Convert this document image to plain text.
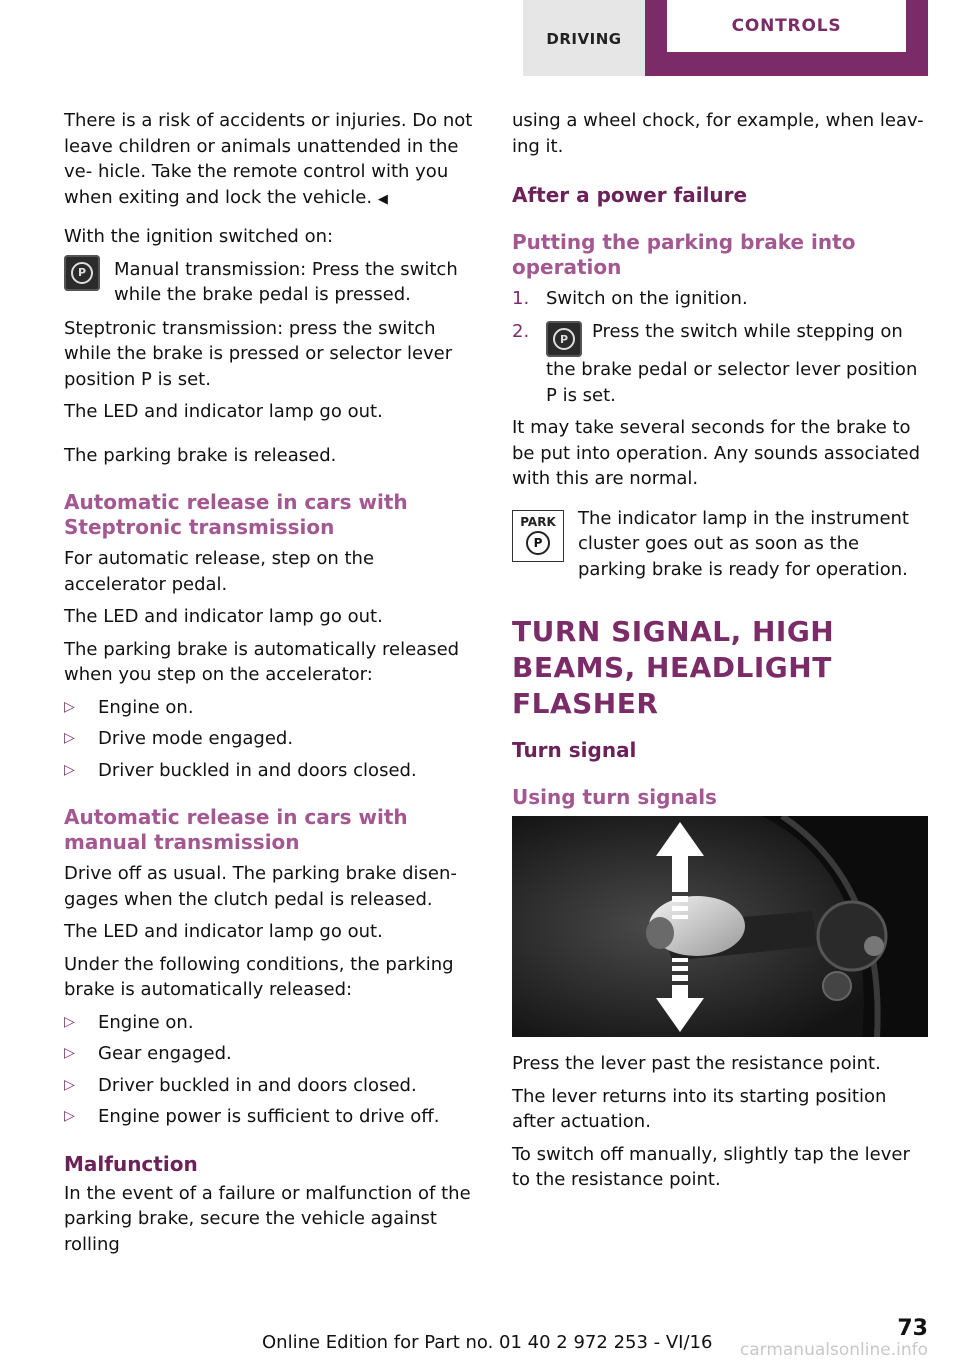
DRIVING
CONTROLS

There is a risk of accidents or injuries. Do not leave children or animals unattended in the ve- hicle. Take the remote control with you when exiting and lock the vehicle. ◀

With the ignition switched on:

P	Manual transmission: Press the switch while the brake pedal is pressed.

Steptronic transmission: press the switch while the brake is pressed or selector lever position P is set.

The LED and indicator lamp go out.

The parking brake is released.

Automatic release in cars with Steptronic transmission

For automatic release, step on the accelerator pedal.

The LED and indicator lamp go out.

The parking brake is automatically released when you step on the accelerator:

▷	Engine on.
▷	Drive mode engaged.
▷	Driver buckled in and doors closed.
Automatic release in cars with manual transmission

Drive off as usual. The parking brake disen- gages when the clutch pedal is released.

The LED and indicator lamp go out.

Under the following conditions, the parking brake is automatically released:

▷	Engine on.
▷	Gear engaged.
▷	Driver buckled in and doors closed.
▷	Engine power is sufficient to drive off.
Malfunction

In the event of a failure or malfunction of the parking brake, secure the vehicle against rolling

using a wheel chock, for example, when leav- ing it.

After a power failure
Putting the parking brake into operation
1. Switch on the ignition.
2.	P	Press the switch while stepping on the brake pedal or selector lever position P is set.

It may take several seconds for the brake to be put into operation. Any sounds associated with this are normal.

PARK
P
The indicator lamp in the instrument cluster goes out as soon as the parking brake is ready for operation.
TURN SIGNAL, HIGH BEAMS, HEADLIGHT FLASHER
Turn signal
Using turn signals

Press the lever past the resistance point.

The lever returns into its starting position after actuation.

To switch off manually, slightly tap the lever to the resistance point.

carmanualsonline.info
Online Edition for Part no. 01 40 2 972 253 - VI/16
73
